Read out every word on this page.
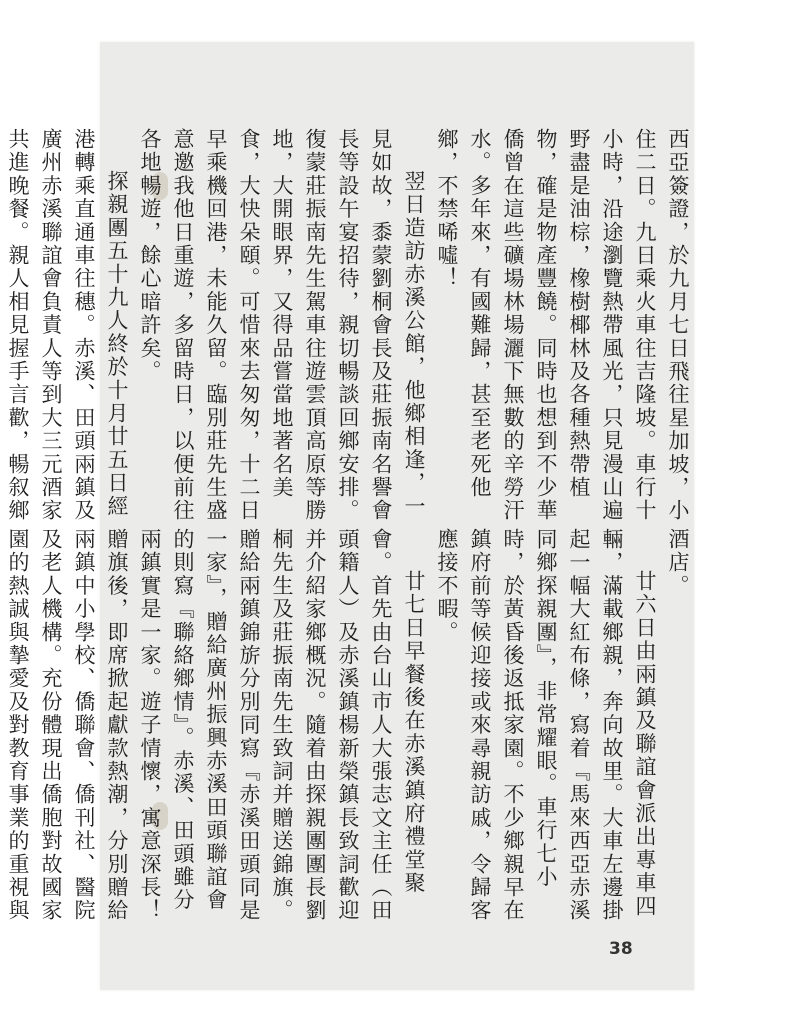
西亞簽證，於九月七日飛往星加坡，小住二日。九日乘火車往吉隆坡。車行十小時，沿途瀏覽熱帶風光，只見漫山遍野盡是油棕，橡樹椰林及各種熱帶植物，確是物產豐饒。同時也想到不少華僑曾在這些礦場林場灑下無數的辛勞汗水。多年來，有國難歸，甚至老死他鄉，不禁唏噓！

翌日造訪赤溪公館，他鄉相逢，一見如故，黍蒙劉桐會長及莊振南名譽會長等設午宴招待，親切暢談回鄉安排。復蒙莊振南先生駕車往遊雲頂高原等勝地，大開眼界，又得品嘗當地著名美食，大快朵頤。可惜來去匆匆，十二日早乘機回港，未能久留。臨別莊先生盛意邀我他日重遊，多留時日，以便前往各地暢遊，餘心暗許矣。

探親團五十九人終於十月廿五日經港轉乘直通車往穗。赤溪、田頭兩鎮及廣州赤溪聯誼會負責人等到大三元酒家共進晚餐。親人相見握手言歡，暢叙鄉

酒店。

廿六日由兩鎮及聯誼會派出專車四輛，滿載鄉親，奔向故里。大車左邊掛起一幅大紅布條，寫着『馬來西亞赤溪同鄉探親團』，非常耀眼。車行七小時，於黃昏後返抵家園。不少鄉親早在鎮府前等候迎接或來尋親訪戚，令歸客應接不暇。

廿七日早餐後在赤溪鎮府禮堂聚會。首先由台山市人大張志文主任（田頭籍人）及赤溪鎮楊新榮鎮長致詞歡迎并介紹家鄉概況。隨着由探親團團長劉桐先生及莊振南先生致詞并贈送錦旗。贈給兩鎮錦旂分別同寫『赤溪田頭同是一家』，贈給廣州振興赤溪田頭聯誼會的則寫『聯絡鄉情』。赤溪、田頭雖分兩鎮實是一家。遊子情懷，寓意深長！贈旗後，即席掀起獻款熱潮，分別贈給兩鎮中小學校、僑聯會、僑刊社、醫院及老人機構。充份體現出僑胞對故國家園的熱誠與摯愛及對教育事業的重視與

38
